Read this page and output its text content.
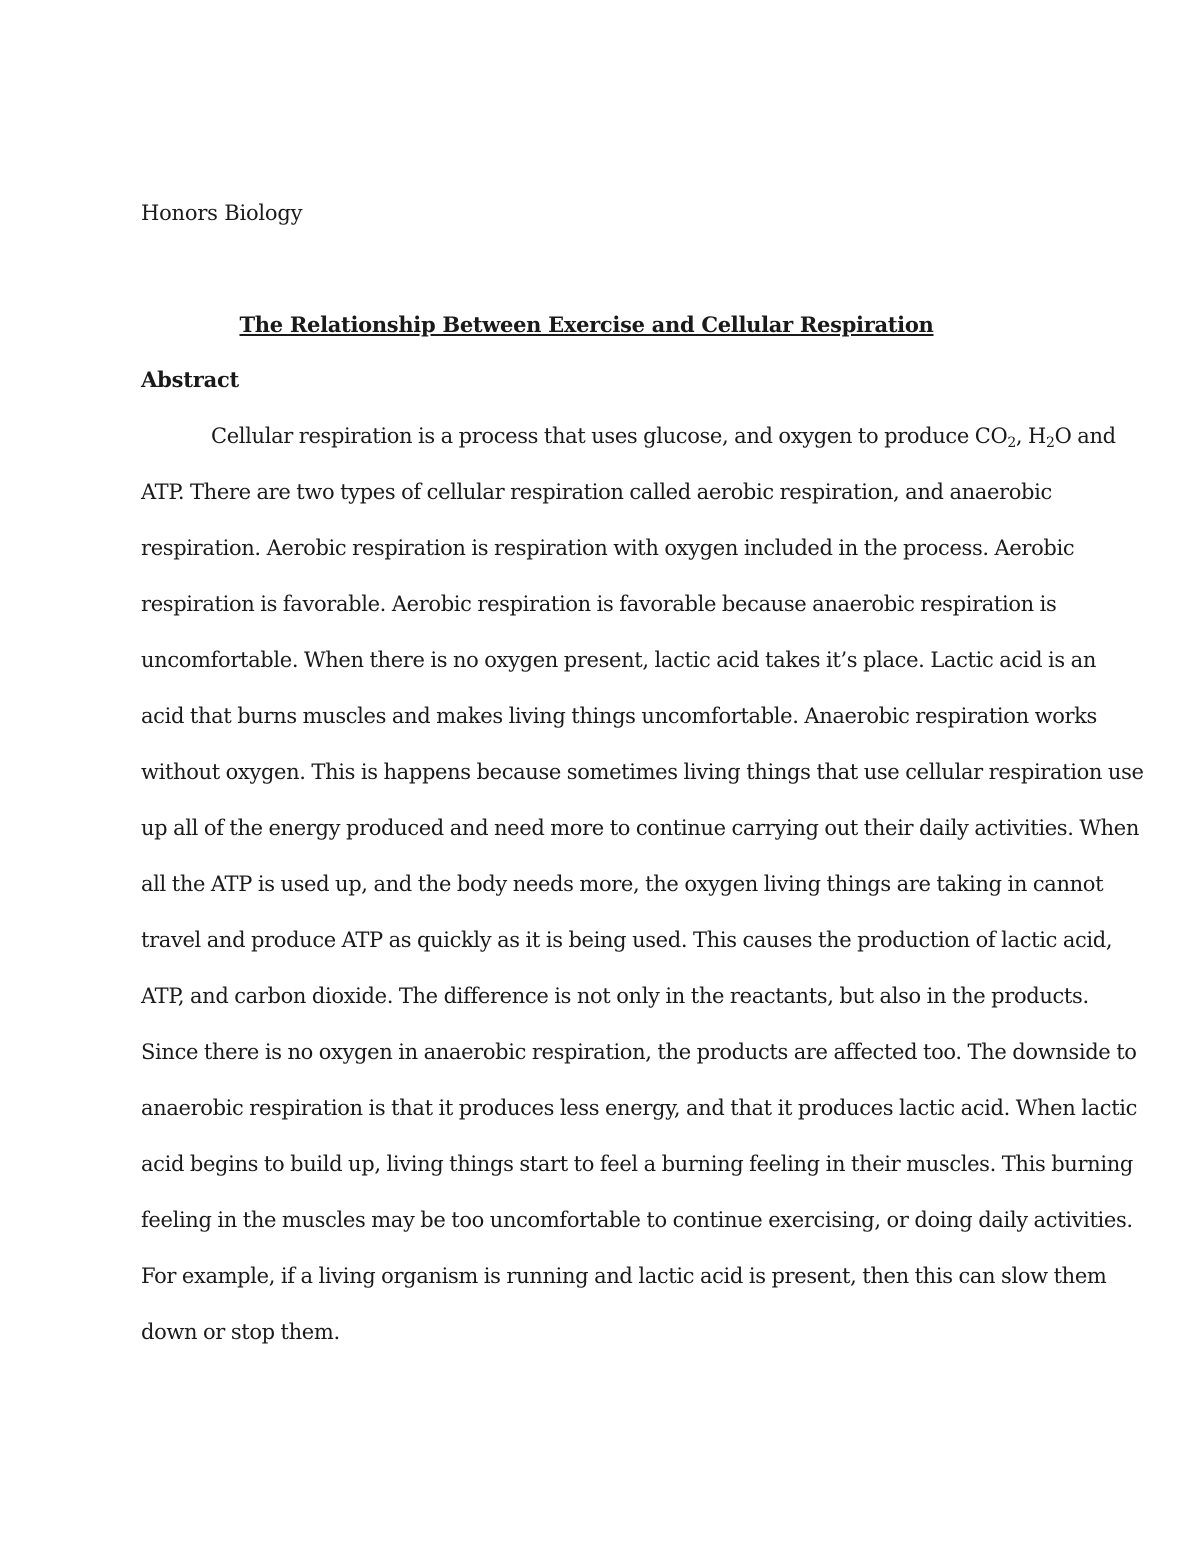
Honors Biology
The Relationship Between Exercise and Cellular Respiration
Abstract
Cellular respiration is a process that uses glucose, and oxygen to produce $CO_2$, $H_2O$ and
ATP. There are two types of cellular respiration called aerobic respiration, and anaerobic
respiration. Aerobic respiration is respiration with oxygen included in the process. Aerobic
respiration is favorable. Aerobic respiration is favorable because anaerobic respiration is
uncomfortable. When there is no oxygen present, lactic acid takes it’s place. Lactic acid is an
acid that burns muscles and makes living things uncomfortable. Anaerobic respiration works
without oxygen. This is happens because sometimes living things that use cellular respiration use
up all of the energy produced and need more to continue carrying out their daily activities. When
all the ATP is used up, and the body needs more, the oxygen living things are taking in cannot
travel and produce ATP as quickly as it is being used. This causes the production of lactic acid,
ATP, and carbon dioxide. The difference is not only in the reactants, but also in the products.
Since there is no oxygen in anaerobic respiration, the products are affected too. The downside to
anaerobic respiration is that it produces less energy, and that it produces lactic acid. When lactic
acid begins to build up, living things start to feel a burning feeling in their muscles. This burning
feeling in the muscles may be too uncomfortable to continue exercising, or doing daily activities.
For example, if a living organism is running and lactic acid is present, then this can slow them
down or stop them.
